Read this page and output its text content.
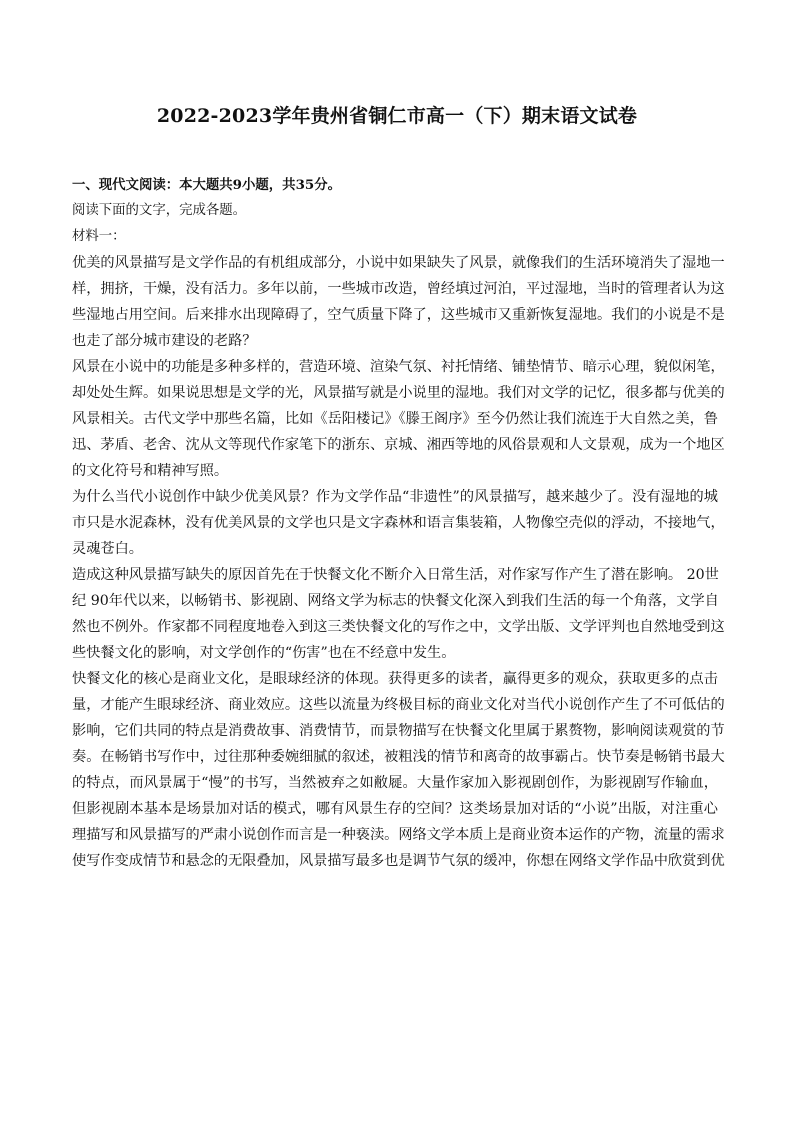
2022-2023学年贵州省铜仁市高一（下）期末语文试卷
一、现代文阅读：本大题共9小题，共35分。
阅读下面的文字，完成各题。
材料一：
优美的风景描写是文学作品的有机组成部分，小说中如果缺失了风景，就像我们的生活环境消失了湿地一
样，拥挤，干燥，没有活力。多年以前，一些城市改造，曾经填过河泊，平过湿地，当时的管理者认为这
些湿地占用空间。后来排水出现障碍了，空气质量下降了，这些城市又重新恢复湿地。我们的小说是不是
也走了部分城市建设的老路？
风景在小说中的功能是多种多样的，营造环境、渲染气氛、衬托情绪、铺垫情节、暗示心理，貌似闲笔，
却处处生辉。如果说思想是文学的光，风景描写就是小说里的湿地。我们对文学的记忆，很多都与优美的
风景相关。古代文学中那些名篇，比如《岳阳楼记》《滕王阁序》至今仍然让我们流连于大自然之美，鲁
迅、茅盾、老舍、沈从文等现代作家笔下的浙东、京城、湘西等地的风俗景观和人文景观，成为一个地区
的文化符号和精神写照。
为什么当代小说创作中缺少优美风景？作为文学作品“非遗性”的风景描写，越来越少了。没有湿地的城
市只是水泥森林，没有优美风景的文学也只是文字森林和语言集装箱，人物像空壳似的浮动，不接地气，
灵魂苍白。
造成这种风景描写缺失的原因首先在于快餐文化不断介入日常生活，对作家写作产生了潜在影响。 20世
纪 90年代以来，以畅销书、影视剧、网络文学为标志的快餐文化深入到我们生活的每一个角落，文学自
然也不例外。作家都不同程度地卷入到这三类快餐文化的写作之中，文学出版、文学评判也自然地受到这
些快餐文化的影响，对文学创作的“伤害”也在不经意中发生。
快餐文化的核心是商业文化，是眼球经济的体现。获得更多的读者，赢得更多的观众，获取更多的点击
量，才能产生眼球经济、商业效应。这些以流量为终极目标的商业文化对当代小说创作产生了不可低估的
影响，它们共同的特点是消费故事、消费情节，而景物描写在快餐文化里属于累赘物，影响阅读观赏的节
奏。在畅销书写作中，过往那种委婉细腻的叙述，被粗浅的情节和离奇的故事霸占。快节奏是畅销书最大
的特点，而风景属于“慢”的书写，当然被弃之如敝屣。大量作家加入影视剧创作，为影视剧写作输血，
但影视剧本基本是场景加对话的模式，哪有风景生存的空间？这类场景加对话的“小说”出版，对注重心
理描写和风景描写的严肃小说创作而言是一种亵渎。网络文学本质上是商业资本运作的产物，流量的需求
使写作变成情节和悬念的无限叠加，风景描写最多也是调节气氛的缓冲，你想在网络文学作品中欣赏到优
